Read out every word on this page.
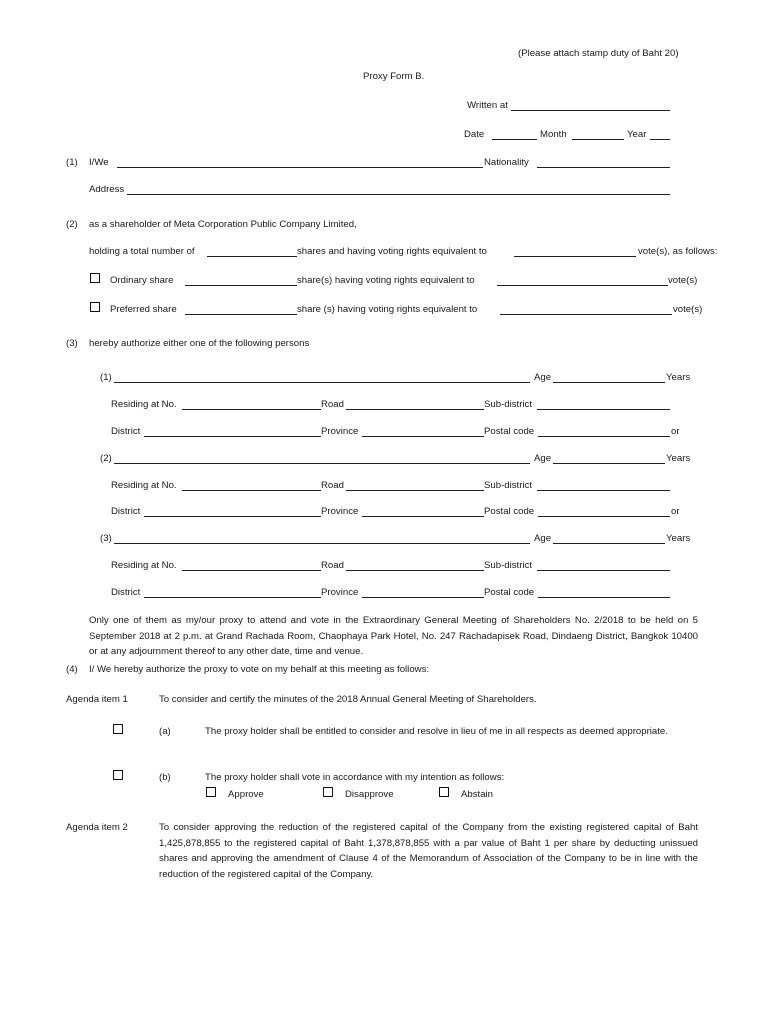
(Please attach stamp duty of Baht 20)
Proxy Form B.
Written at
Date	Month	Year
(1) I/We	Nationality
Address
(2) as a shareholder of Meta Corporation Public Company Limited,
holding a total number of	shares and having voting rights equivalent to	vote(s), as follows:
Ordinary share	share(s) having voting rights equivalent to	vote(s)
Preferred share	share (s) having voting rights equivalent to	vote(s)
(3) hereby authorize either one of the following persons
(1)	Age	Years
Residing at No.	Road	Sub-district
District	Province	Postal code	or
(2)	Age	Years
Residing at No.	Road	Sub-district
District	Province	Postal code	or
(3)	Age	Years
Residing at No.	Road	Sub-district
District	Province	Postal code
Only one of them as my/our proxy to attend and vote in the Extraordinary General Meeting of Shareholders No. 2/2018 to be held on 5 September 2018 at 2 p.m. at Grand Rachada Room, Chaophaya Park Hotel, No. 247 Rachadapisek Road, Dindaeng District, Bangkok 10400 or at any adjournment thereof to any other date, time and venue.
(4) I/ We hereby authorize the proxy to vote on my behalf at this meeting as follows:
Agenda item 1	To consider and certify the minutes of the 2018 Annual General Meeting of Shareholders.
(a)	The proxy holder shall be entitled to consider and resolve in lieu of me in all respects as deemed appropriate.
(b)	The proxy holder shall vote in accordance with my intention as follows:
Approve	Disapprove	Abstain
Agenda item 2	To consider approving the reduction of the registered capital of the Company from the existing registered capital of Baht 1,425,878,855 to the registered capital of Baht 1,378,878,855 with a par value of Baht 1 per share by deducting unissued shares and approving the amendment of Clause 4 of the Memorandum of Association of the Company to be in line with the reduction of the registered capital of the Company.
